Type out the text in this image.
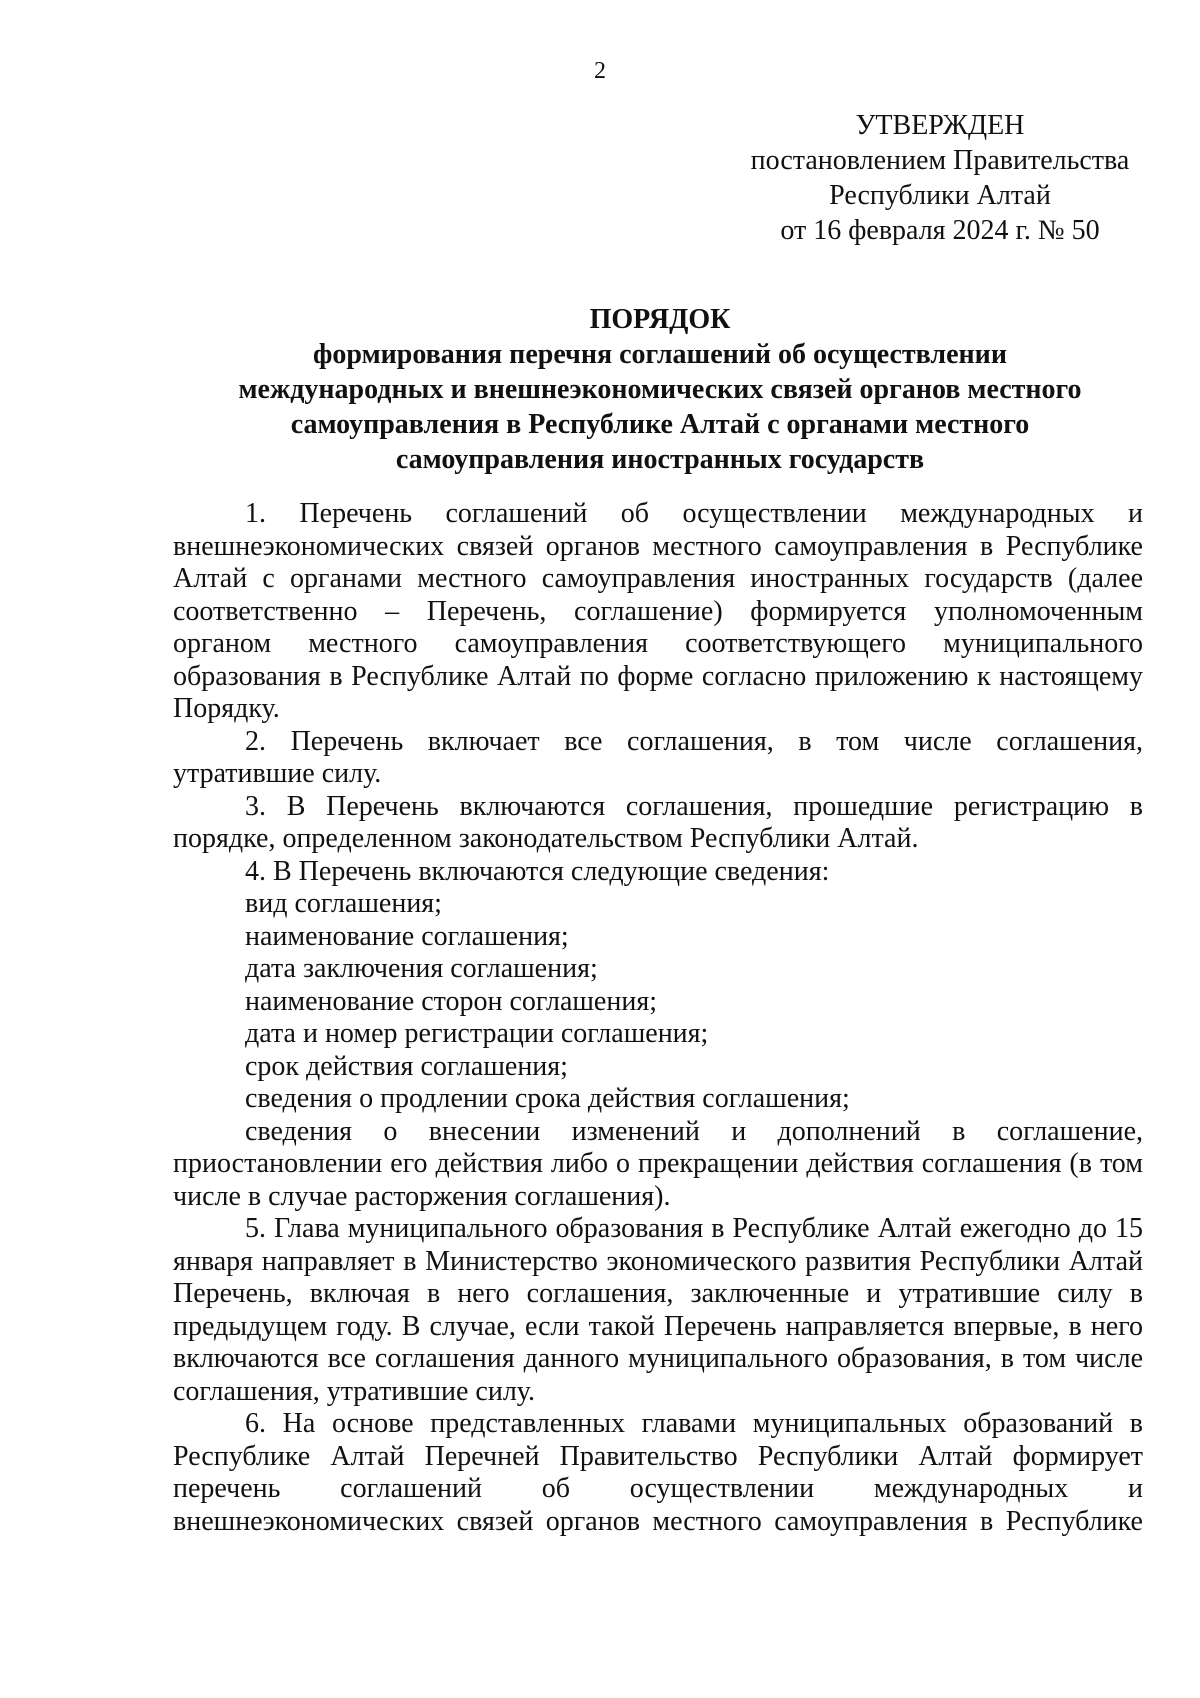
2
УТВЕРЖДЕН
постановлением Правительства
Республики Алтай
от 16 февраля 2024 г. № 50
ПОРЯДОК
формирования перечня соглашений об осуществлении
международных и внешнеэкономических связей органов местного
самоуправления в Республике Алтай с органами местного
самоуправления иностранных государств

1. Перечень соглашений об осуществлении международных и внешнеэкономических связей органов местного самоуправления в Республике Алтай с органами местного самоуправления иностранных государств (далее соответственно – Перечень, соглашение) формируется уполномоченным органом местного самоуправления соответствующего муниципального образования в Республике Алтай по форме согласно приложению к настоящему Порядку.

2. Перечень включает все соглашения, в том числе соглашения, утратившие силу.

3. В Перечень включаются соглашения, прошедшие регистрацию в порядке, определенном законодательством Республики Алтай.

4. В Перечень включаются следующие сведения:

вид соглашения;

наименование соглашения;

дата заключения соглашения;

наименование сторон соглашения;

дата и номер регистрации соглашения;

срок действия соглашения;

сведения о продлении срока действия соглашения;

сведения о внесении изменений и дополнений в соглашение, приостановлении его действия либо о прекращении действия соглашения (в том числе в случае расторжения соглашения).

5. Глава муниципального образования в Республике Алтай ежегодно до 15 января направляет в Министерство экономического развития Республики Алтай Перечень, включая в него соглашения, заключенные и утратившие силу в предыдущем году. В случае, если такой Перечень направляется впервые, в него включаются все соглашения данного муниципального образования, в том числе соглашения, утратившие силу.

6. На основе представленных главами муниципальных образований в Республике Алтай Перечней Правительство Республики Алтай формирует перечень соглашений об осуществлении международных и внешнеэкономических связей органов местного самоуправления в Республике
